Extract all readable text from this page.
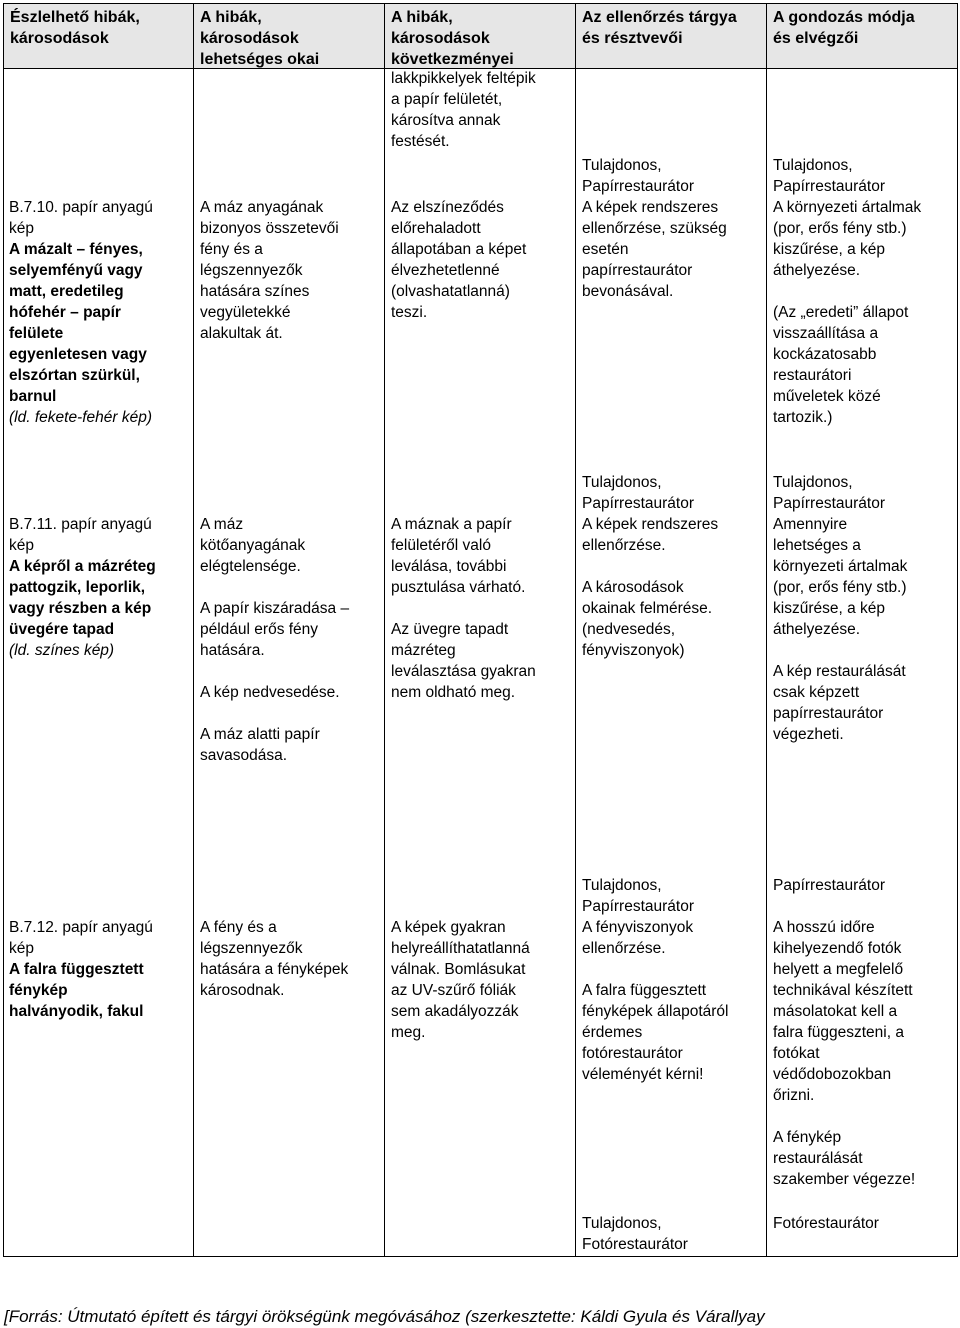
Észlelhető hibák,
károsodások
A hibák,
károsodások
lehetséges okai
A hibák,
károsodások
következményei
Az ellenőrzés tárgya
és résztvevői
A gondozás módja
és elvégzői

B.7.10. papír anyagú

kép

A mázalt – fényes,

selyemfényű vagy

matt, eredetileg

hófehér – papír

felülete

egyenletesen vagy

elszórtan szürkül,

barnul

(ld. fekete-fehér kép)

A máz anyagának

bizonyos összetevői

fény és a

légszennyezők

hatására színes

vegyületekké

alakultak át.

lakkpikkelyek feltépik

a papír felületét,

károsítva annak

festését.

Az elszíneződés

előrehaladott

állapotában a képet

élvezhetetlenné

(olvashatatlanná)

teszi.

Tulajdonos,

Papírrestaurátor

A képek rendszeres

ellenőrzése, szükség

esetén

papírrestaurátor

bevonásával.

Tulajdonos,

Papírrestaurátor

A környezeti ártalmak

(por, erős fény stb.)

kiszűrése, a kép

áthelyezése.

(Az „eredeti” állapot

visszaállítása a

kockázatosabb

restaurátori

műveletek közé

tartozik.)

B.7.11. papír anyagú

kép

A képről a mázréteg

pattogzik, leporlik,

vagy részben a kép

üvegére tapad

(ld. színes kép)

A máz

kötőanyagának

elégtelensége.

A papír kiszáradása –

például erős fény

hatására.

A kép nedvesedése.

A máz alatti papír

savasodása.

A máznak a papír

felületéről való

leválása, további

pusztulása várható.

Az üvegre tapadt

mázréteg

leválasztása gyakran

nem oldható meg.

Tulajdonos,

Papírrestaurátor

A képek rendszeres

ellenőrzése.

A károsodások

okainak felmérése.

(nedvesedés,

fényviszonyok)

Tulajdonos,

Papírrestaurátor

Amennyire

lehetséges a

környezeti ártalmak

(por, erős fény stb.)

kiszűrése, a kép

áthelyezése.

A kép restaurálását

csak képzett

papírrestaurátor

végezheti.

B.7.12. papír anyagú

kép

A falra függesztett

fénykép

halványodik, fakul

A fény és a

légszennyezők

hatására a fényképek

károsodnak.

A képek gyakran

helyreállíthatatlanná

válnak. Bomlásukat

az UV-szűrő fóliák

sem akadályozzák

meg.

Tulajdonos,

Papírrestaurátor

A fényviszonyok

ellenőrzése.

A falra függesztett

fényképek állapotáról

érdemes

fotórestaurátor

véleményét kérni!

Papírrestaurátor

A hosszú időre

kihelyezendő fotók

helyett a megfelelő

technikával készített

másolatokat kell a

falra függeszteni, a

fotókat

védődobozokban

őrizni.

A fénykép

restaurálását

szakember végezze!

Tulajdonos,

Fotórestaurátor

Fotórestaurátor

[Forrás: Útmutató épített és tárgyi örökségünk megóvásához (szerkesztette: Káldi Gyula és Várallyay
